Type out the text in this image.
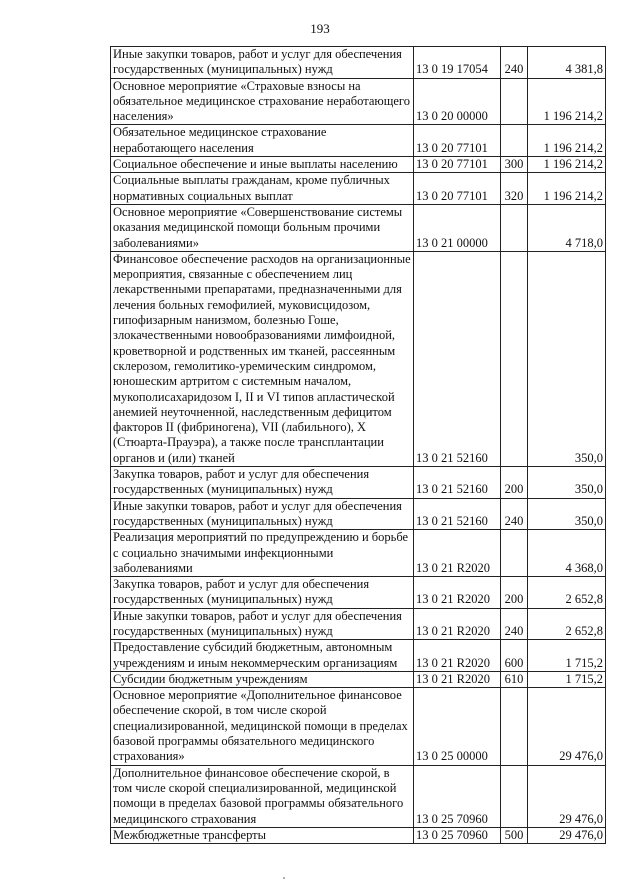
193
Иные закупки товаров, работ и услуг для обеспечения государственных (муниципальных) нужд	13 0 19 17054	240	4 381,8
Основное мероприятие «Страховые взносы на обязательное медицинское страхование неработающего населения»	13 0 20 00000		1 196 214,2
Обязательное медицинское страхование неработающего населения	13 0 20 77101		1 196 214,2
Социальное обеспечение и иные выплаты населению	13 0 20 77101	300	1 196 214,2
Социальные выплаты гражданам, кроме публичных нормативных социальных выплат	13 0 20 77101	320	1 196 214,2
Основное мероприятие «Совершенствование системы оказания медицинской помощи больным прочими заболеваниями»	13 0 21 00000		4 718,0
Финансовое обеспечение расходов на организационные мероприятия, связанные с обеспечением лиц лекарственными препаратами, предназначенными для лечения больных гемофилией, муковисцидозом, гипофизарным нанизмом, болезнью Гоше, злокачественными новообразованиями лимфоидной, кроветворной и родственных им тканей, рассеянным склерозом, гемолитико-уремическим синдромом, юношеским артритом с системным началом, мукополисахаридозом I, II и VI типов апластической анемией неуточненной, наследственным дефицитом факторов II (фибриногена), VII (лабильного), X (Стюарта-Прауэра), а также после трансплантации органов и (или) тканей	13 0 21 52160		350,0
Закупка товаров, работ и услуг для обеспечения государственных (муниципальных) нужд	13 0 21 52160	200	350,0
Иные закупки товаров, работ и услуг для обеспечения государственных (муниципальных) нужд	13 0 21 52160	240	350,0
Реализация мероприятий по предупреждению и борьбе с социально значимыми инфекционными заболеваниями	13 0 21 R2020		4 368,0
Закупка товаров, работ и услуг для обеспечения государственных (муниципальных) нужд	13 0 21 R2020	200	2 652,8
Иные закупки товаров, работ и услуг для обеспечения государственных (муниципальных) нужд	13 0 21 R2020	240	2 652,8
Предоставление субсидий бюджетным, автономным учреждениям и иным некоммерческим организациям	13 0 21 R2020	600	1 715,2
Субсидии бюджетным учреждениям	13 0 21 R2020	610	1 715,2
Основное мероприятие «Дополнительное финансовое обеспечение скорой, в том числе скорой специализированной, медицинской помощи в пределах базовой программы обязательного медицинского страхования»	13 0 25 00000		29 476,0
Дополнительное финансовое обеспечение скорой, в том числе скорой специализированной, медицинской помощи в пределах базовой программы обязательного медицинского страхования	13 0 25 70960		29 476,0
Межбюджетные трансферты	13 0 25 70960	500	29 476,0
